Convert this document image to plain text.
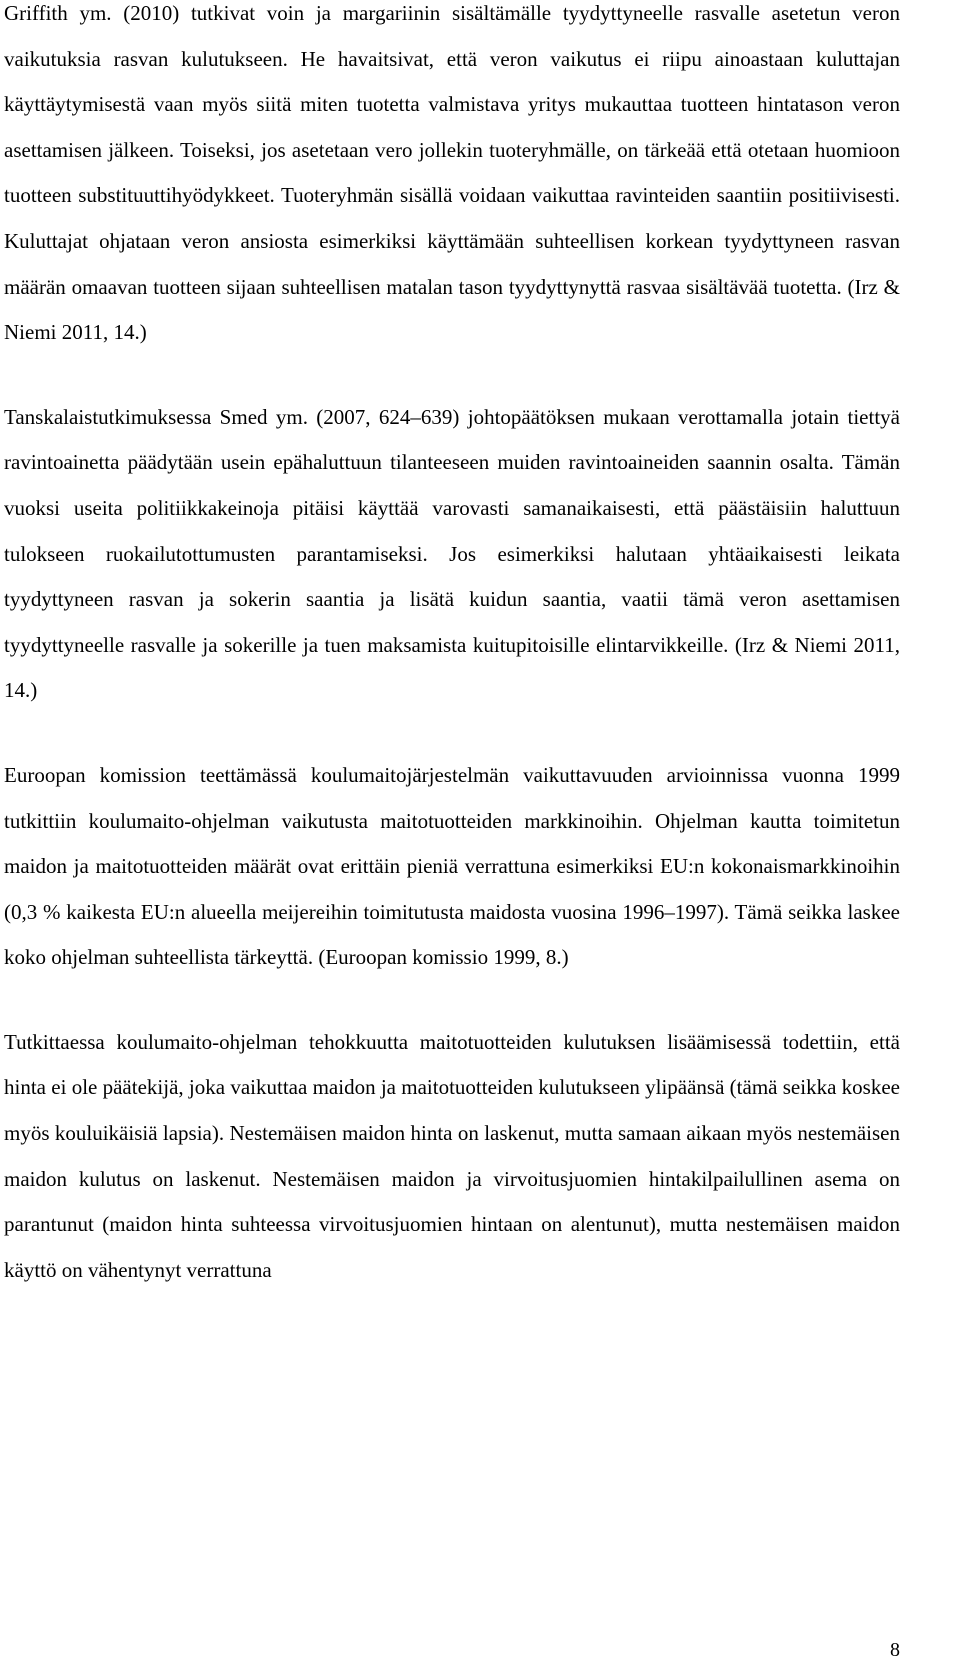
Griffith ym. (2010) tutkivat voin ja margariinin sisältämälle tyydyttyneelle rasvalle asetetun veron vaikutuksia rasvan kulutukseen. He havaitsivat, että veron vaikutus ei riipu ainoastaan kuluttajan käyttäytymisestä vaan myös siitä miten tuotetta valmistava yritys mukauttaa tuotteen hintatason veron asettamisen jälkeen. Toiseksi, jos asetetaan vero jollekin tuoteryhmälle, on tärkeää että otetaan huomioon tuotteen substituuttihyödykkeet. Tuoteryhmän sisällä voidaan vaikuttaa ravinteiden saantiin positiivisesti. Kuluttajat ohjataan veron ansiosta esimerkiksi käyttämään suhteellisen korkean tyydyttyneen rasvan määrän omaavan tuotteen sijaan suhteellisen matalan tason tyydyttynyttä rasvaa sisältävää tuotetta. (Irz & Niemi 2011, 14.)

Tanskalaistutkimuksessa Smed ym. (2007, 624–639) johtopäätöksen mukaan verottamalla jotain tiettyä ravintoainetta päädytään usein epähaluttuun tilanteeseen muiden ravintoaineiden saannin osalta. Tämän vuoksi useita politiikkakeinoja pitäisi käyttää varovasti samanaikaisesti, että päästäisiin haluttuun tulokseen ruokailutottumusten parantamiseksi. Jos esimerkiksi halutaan yhtäaikaisesti leikata tyydyttyneen rasvan ja sokerin saantia ja lisätä kuidun saantia, vaatii tämä veron asettamisen tyydyttyneelle rasvalle ja sokerille ja tuen maksamista kuitupitoisille elintarvikkeille. (Irz & Niemi 2011, 14.)

Euroopan komission teettämässä koulumaitojärjestelmän vaikuttavuuden arvioinnissa vuonna 1999 tutkittiin koulumaito-ohjelman vaikutusta maitotuotteiden markkinoihin. Ohjelman kautta toimitetun maidon ja maitotuotteiden määrät ovat erittäin pieniä verrattuna esimerkiksi EU:n kokonaismarkkinoihin (0,3 % kaikesta EU:n alueella meijereihin toimitutusta maidosta vuosina 1996–1997). Tämä seikka laskee koko ohjelman suhteellista tärkeyttä. (Euroopan komissio 1999, 8.)

Tutkittaessa koulumaito-ohjelman tehokkuutta maitotuotteiden kulutuksen lisäämisessä todettiin, että hinta ei ole päätekijä, joka vaikuttaa maidon ja maitotuotteiden kulutukseen ylipäänsä (tämä seikka koskee myös kouluikäisiä lapsia). Nestemäisen maidon hinta on laskenut, mutta samaan aikaan myös nestemäisen maidon kulutus on laskenut. Nestemäisen maidon ja virvoitusjuomien hintakilpailullinen asema on parantunut (maidon hinta suhteessa virvoitusjuomien hintaan on alentunut), mutta nestemäisen maidon käyttö on vähentynyt verrattuna

8
